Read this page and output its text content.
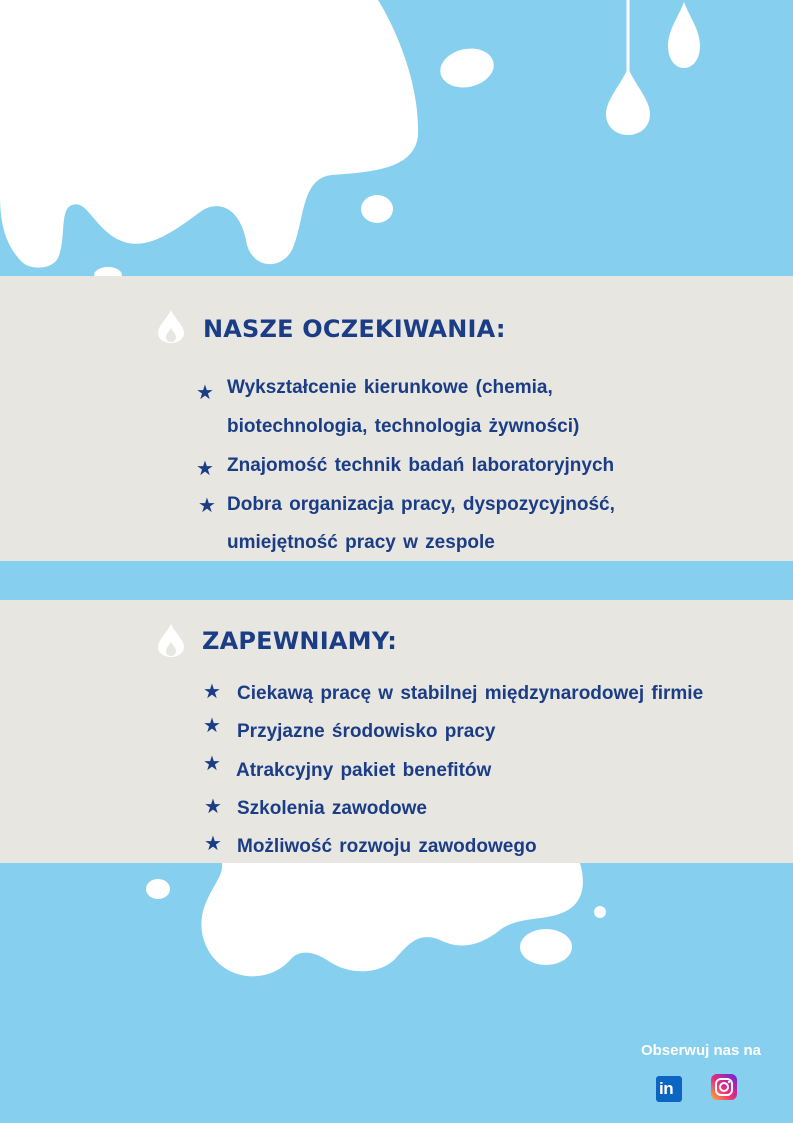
NASZE OCZEKIWANIA:
★ Wykształcenie kierunkowe (chemia,
biotechnologia, technologia żywności)
★ Znajomość technik badań laboratoryjnych
★ Dobra organizacja pracy, dyspozycyjność,
umiejętność pracy w zespole
ZAPEWNIAMY:
★ Ciekawą pracę w stabilnej międzynarodowej firmie
★ Przyjazne środowisko pracy
★ Atrakcyjny pakiet benefitów
★ Szkolenia zawodowe
★ Możliwość rozwoju zawodowego
Obserwuj nas na
in
